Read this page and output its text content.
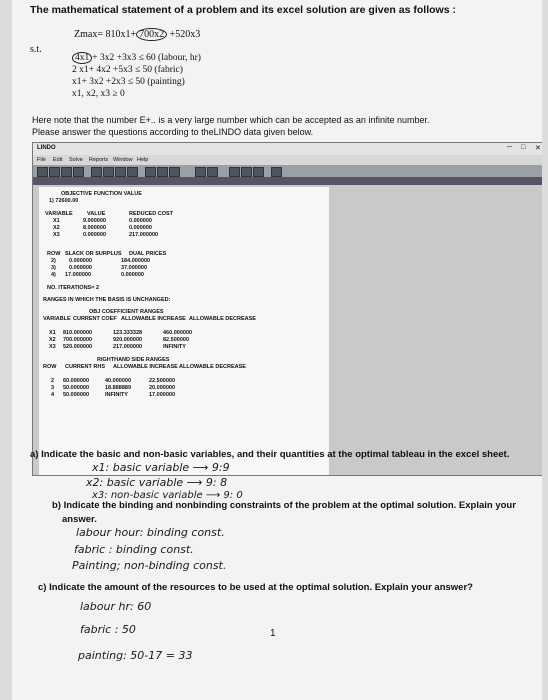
The mathematical statement of a problem and its excel solution are given as follows :
Zmax= 810x1+ 700x2 +520x3
s.t.
4x1 + 3x2 +3x3 ≤ 60 (labour, hr)
2 x1+ 4x2 +5x3 ≤ 50 (fabric)
x1+ 3x2 +2x3 ≤ 50 (painting)
x1, x2, x3 ≥ 0
Here note that the number E+.. is a very large number which can be accepted as an infinite number.
Please answer the questions according to theLINDO data given below.
LINDO	─ □ ✕
File Edit Solve Reports Window Help
OBJECTIVE FUNCTION VALUE
1) 72600.00
VARIABLE	VALUE	REDUCED COST
X1	9.000000	0.000000
X2	8.000000	0.000000
X3	0.000000	217.000000
ROW SLACK OR SURPLUS DUAL PRICES
2) 0.000000	184.000000
3) 0.000000	37.000000
4) 17.000000	0.000000
NO. ITERATIONS= 2
RANGES IN WHICH THE BASIS IS UNCHANGED:
OBJ COEFFICIENT RANGES
VARIABLE CURRENT COEF ALLOWABLE INCREASE ALLOWABLE DECREASE
X1 810.000000	123.333328	460.000000
X2 700.000000	920.000000	82.500000
X3 520.000000	217.000000	INFINITY
RIGHTHAND SIDE RANGES
ROW CURRENT RHS ALLOWABLE INCREASE ALLOWABLE DECREASE
2 60.000000	40.000000	22.500000
3 50.000000	18.888889	20.000000
4 50.000000	INFINITY	17.000000
a) Indicate the basic and non-basic variables, and their quantities at the optimal tableau in the excel sheet.
x1: basic variable ⟶ 9:9
x2: basic variable ⟶ 9: 8
x3: non-basic variable ⟶ 9: 0
b) Indicate the binding and nonbinding constraints of the problem at the optimal solution. Explain your
answer.
labour hour: binding const.
fabric : binding const.
Painting; non-binding const.
c) Indicate the amount of the resources to be used at the optimal solution. Explain your answer?
labour hr: 60
fabric : 50
painting: 50-17 = 33
1
